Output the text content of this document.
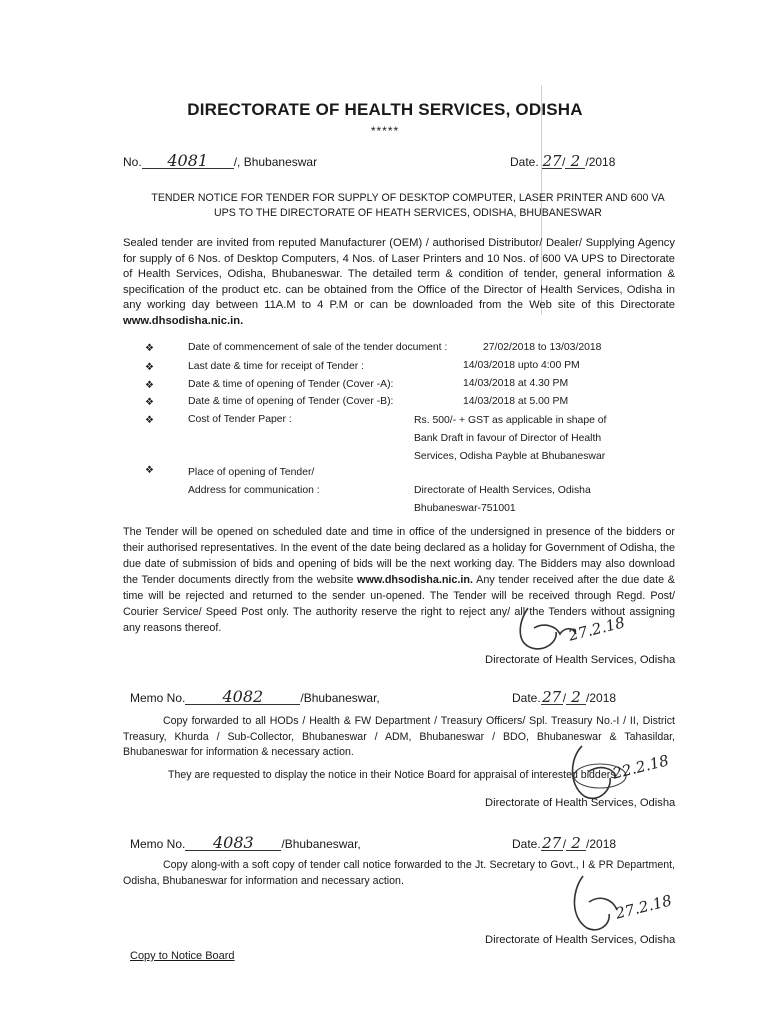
DIRECTORATE OF HEALTH SERVICES, ODISHA
*****
No. 4081 /, Bhubaneswar	Date. 27/ 2 /2018
TENDER NOTICE FOR TENDER FOR SUPPLY OF DESKTOP COMPUTER, LASER PRINTER AND 600 VA
UPS TO THE DIRECTORATE OF HEATH SERVICES, ODISHA, BHUBANESWAR
Sealed tender are invited from reputed Manufacturer (OEM) / authorised Distributor/ Dealer/ Supplying Agency for supply of 6 Nos. of Desktop Computers, 4 Nos. of Laser Printers and 10 Nos. of 600 VA UPS to Directorate of Health Services, Odisha, Bhubaneswar. The detailed term & condition of tender, general information & specification of the product etc. can be obtained from the Office of the Director of Health Services, Odisha in any working day between 11A.M to 4 P.M or can be downloaded from the Web site of this Directorate www.dhsodisha.nic.in.
❖	Date of commencement of sale of the tender document :	27/02/2018 to 13/03/2018
❖	Last date & time for receipt of Tender :	14/03/2018 upto 4:00 PM
❖	Date & time of opening of Tender (Cover -A):	14/03/2018 at 4.30 PM
❖	Date & time of opening of Tender (Cover -B):	14/03/2018 at 5.00 PM
❖	Cost of Tender Paper :	Rs. 500/- + GST as applicable in shape of
Bank Draft in favour of Director of Health
Services, Odisha Payble at Bhubaneswar
❖	Place of opening of Tender/
Address for communication :	Directorate of Health Services, Odisha
Bhubaneswar-751001
The Tender will be opened on scheduled date and time in office of the undersigned in presence of the bidders or their authorised representatives. In the event of the date being declared as a holiday for Government of Odisha, the due date of submission of bids and opening of bids will be the next working day. The Bidders may also download the Tender documents directly from the website www.dhsodisha.nic.in. Any tender received after the due date & time will be rejected and returned to the sender un-opened. The Tender will be received through Regd. Post/ Courier Service/ Speed Post only. The authority reserve the right to reject any/ all the Tenders without assigning any reasons thereof.	27.2.18
Directorate of Health Services, Odisha
Memo No. 4082	/Bhubaneswar,	Date.27/ 2 /2018
Copy forwarded to all HODs / Health & FW Department / Treasury Officers/ Spl. Treasury No.-I / II, District Treasury, Khurda / Sub-Collector, Bhubaneswar / ADM, Bhubaneswar / BDO, Bhubaneswar & Tahasildar, Bhubaneswar for information & necessary action.
They are requested to display the notice in their Notice Board for appraisal of interested bidders.
22.2.18
Directorate of Health Services, Odisha
Memo No. 4083 /Bhubaneswar,	Date.27/ 2 /2018
Copy along-with a soft copy of tender call notice forwarded to the Jt. Secretary to Govt., I & PR Department, Odisha, Bhubaneswar for information and necessary action.
27.2.18
Directorate of Health Services, Odisha
Copy to Notice Board
